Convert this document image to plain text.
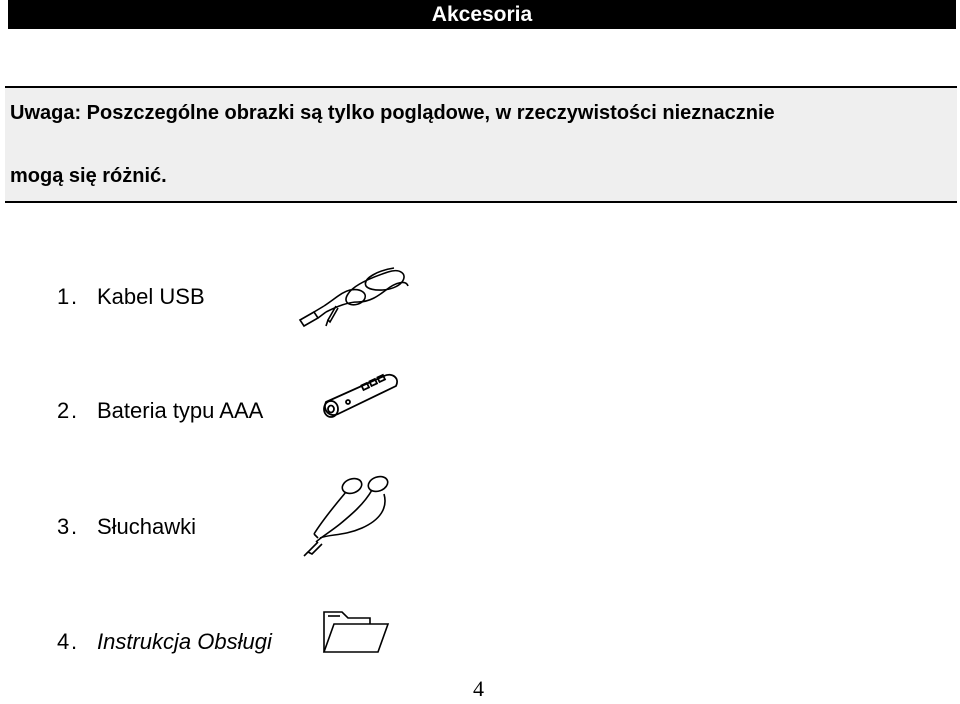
Akcesoria
Uwaga: Poszczególne obrazki są tylko poglądowe, w rzeczywistości nieznacznie
mogą się różnić.
1. Kabel USB
2. Bateria typu AAA
3. Słuchawki
4. Instrukcja Obsługi
4
